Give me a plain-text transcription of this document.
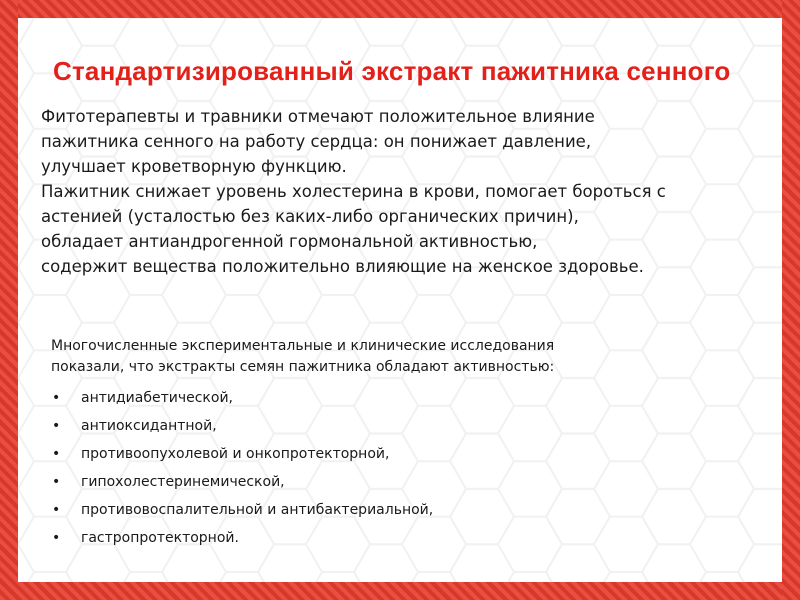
Стандартизированный экстракт пажитника сенного

Фитотерапевты и травники отмечают положительное влияние

пажитника сенного на работу сердца: он понижает давление,

улучшает кроветворную функцию.

Пажитник снижает уровень холестерина в крови, помогает бороться с

астенией (усталостью без каких-либо органических причин),

обладает антиандрогенной гормональной активностью,

содержит вещества положительно влияющие на женское здоровье.

Многочисленные экспериментальные и клинические исследования

показали, что экстракты семян пажитника обладают активностью:

• антидиабетической,
• антиоксидантной,
• противоопухолевой и онкопротекторной,
• гипохолестеринемической,
• противовоспалительной и антибактериальной,
• гастропротекторной.
